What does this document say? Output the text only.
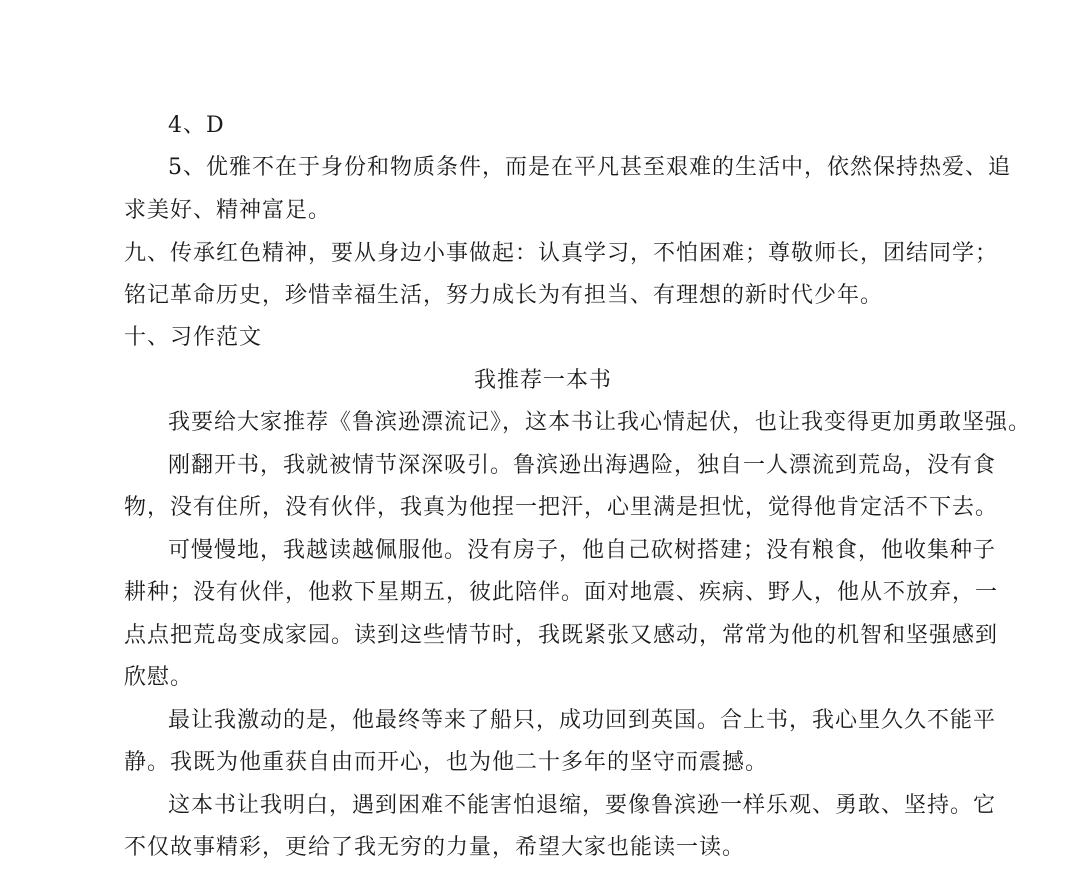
4、D
5、优雅不在于身份和物质条件，而是在平凡甚至艰难的生活中，依然保持热爱、追
求美好、精神富足。
九、传承红色精神，要从身边小事做起：认真学习，不怕困难；尊敬师长，团结同学；
铭记革命历史，珍惜幸福生活，努力成长为有担当、有理想的新时代少年。
十、习作范文
我推荐一本书
我要给大家推荐《鲁滨逊漂流记》，这本书让我心情起伏，也让我变得更加勇敢坚强。
刚翻开书，我就被情节深深吸引。鲁滨逊出海遇险，独自一人漂流到荒岛，没有食
物，没有住所，没有伙伴，我真为他捏一把汗，心里满是担忧，觉得他肯定活不下去。
可慢慢地，我越读越佩服他。没有房子，他自己砍树搭建；没有粮食，他收集种子
耕种；没有伙伴，他救下星期五，彼此陪伴。面对地震、疾病、野人，他从不放弃，一
点点把荒岛变成家园。读到这些情节时，我既紧张又感动，常常为他的机智和坚强感到
欣慰。
最让我激动的是，他最终等来了船只，成功回到英国。合上书，我心里久久不能平
静。我既为他重获自由而开心，也为他二十多年的坚守而震撼。
这本书让我明白，遇到困难不能害怕退缩，要像鲁滨逊一样乐观、勇敢、坚持。它
不仅故事精彩，更给了我无穷的力量，希望大家也能读一读。
